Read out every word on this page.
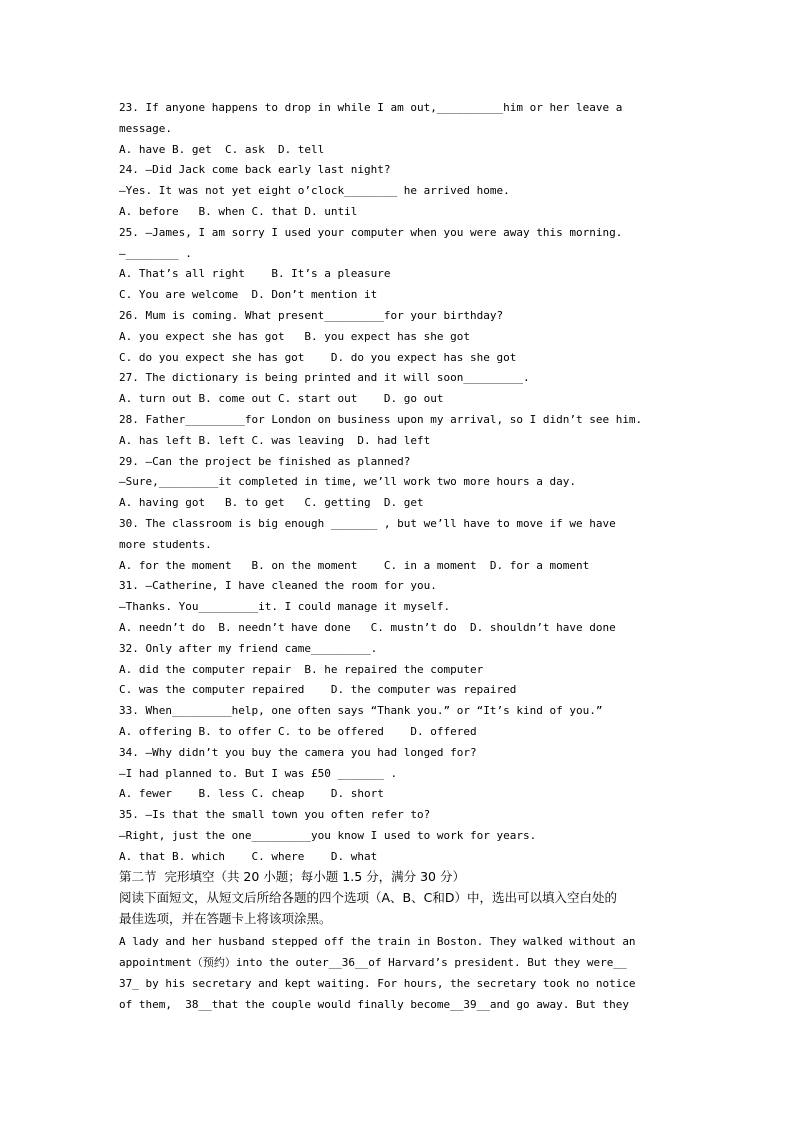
23. If anyone happens to drop in while I am out,__________him or her leave a
message.
A. have B. get  C. ask  D. tell
24. —Did Jack come back early last night?
—Yes. It was not yet eight o’clock________ he arrived home.
A. before   B. when C. that D. until
25. —James, I am sorry I used your computer when you were away this morning.
—________ .
A. That’s all right    B. It’s a pleasure
C. You are welcome  D. Don’t mention it
26. Mum is coming. What present_________for your birthday?
A. you expect she has got   B. you expect has she got
C. do you expect she has got    D. do you expect has she got
27. The dictionary is being printed and it will soon_________.
A. turn out B. come out C. start out    D. go out
28. Father_________for London on business upon my arrival, so I didn’t see him.
A. has left B. left C. was leaving  D. had left
29. —Can the project be finished as planned?
—Sure,_________it completed in time, we’ll work two more hours a day.
A. having got   B. to get   C. getting  D. get
30. The classroom is big enough _______ , but we’ll have to move if we have
more students.
A. for the moment   B. on the moment    C. in a moment  D. for a moment
31. —Catherine, I have cleaned the room for you.
—Thanks. You_________it. I could manage it myself.
A. needn’t do  B. needn’t have done   C. mustn’t do  D. shouldn’t have done
32. Only after my friend came_________.
A. did the computer repair  B. he repaired the computer
C. was the computer repaired    D. the computer was repaired
33. When_________help, one often says “Thank you.” or “It’s kind of you.”
A. offering B. to offer C. to be offered    D. offered
34. —Why didn’t you buy the camera you had longed for?
—I had planned to. But I was £50 _______ .
A. fewer    B. less C. cheap    D. short
35. —Is that the small town you often refer to?
—Right, just the one_________you know I used to work for years.
A. that B. which    C. where    D. what
第二节  完形填空（共 20 小题；每小题 1.5 分，满分 30 分）
阅读下面短文，从短文后所给各题的四个选项（A、B、C和D）中，选出可以填入空白处的
最佳选项，并在答题卡上将该项涂黑。
A lady and her husband stepped off the train in Boston. They walked without an
appointment（预约）into the outer__36__of Harvard’s president. But they were__
37_ by his secretary and kept waiting. For hours, the secretary took no notice
of them,  38__that the couple would finally become__39__and go away. But they
